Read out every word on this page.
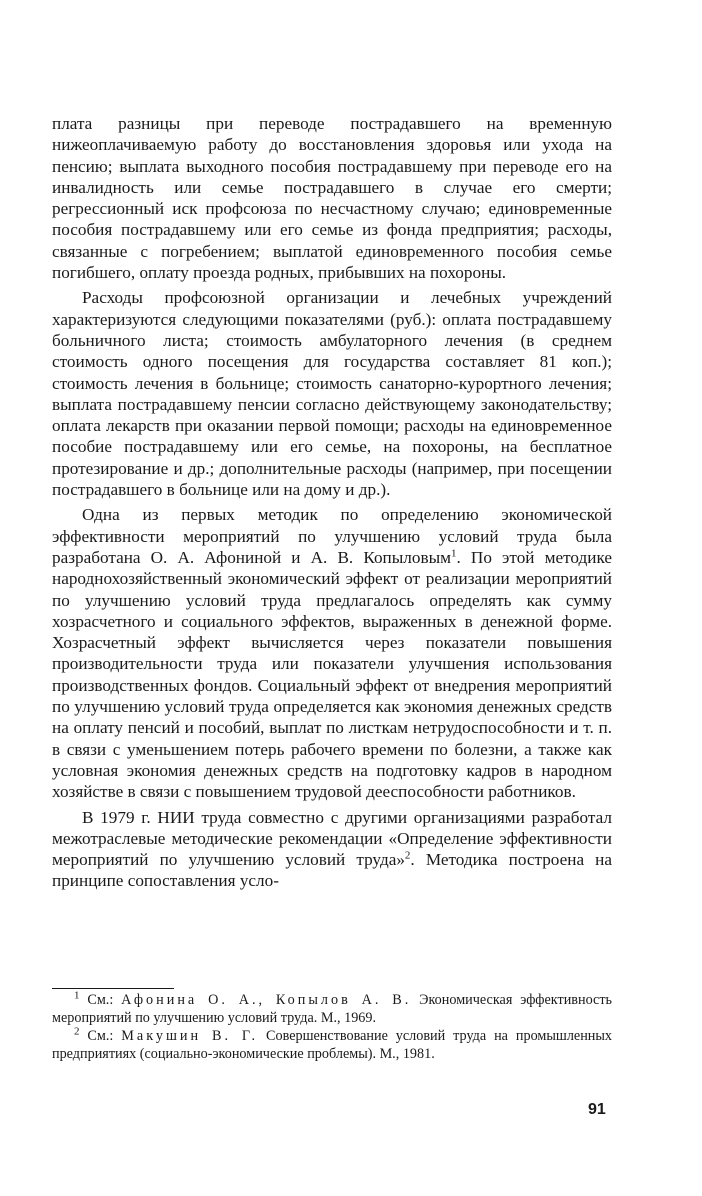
плата разницы при переводе пострадавшего на временную нижеоплачиваемую работу до восстановления здоровья или ухода на пенсию; выплата выходного пособия пострадавшему при переводе его на инвалидность или семье пострадавшего в случае его смерти; регрессионный иск профсоюза по несчастному случаю; единовременные пособия пострадавшему или его семье из фонда предприятия; расходы, связанные с погребением; выплатой единовременного пособия семье погибшего, оплату проезда родных, прибывших на похороны.

Расходы профсоюзной организации и лечебных учреждений характеризуются следующими показателями (руб.): оплата пострадавшему больничного листа; стоимость амбулаторного лечения (в среднем стоимость одного посещения для государства составляет 81 коп.); стоимость лечения в больнице; стоимость санаторно-курортного лечения; выплата пострадавшему пенсии согласно действующему законодательству; оплата лекарств при оказании первой помощи; расходы на единовременное пособие пострадавшему или его семье, на похороны, на бесплатное протезирование и др.; дополнительные расходы (например, при посещении пострадавшего в больнице или на дому и др.).

Одна из первых методик по определению экономической эффективности мероприятий по улучшению условий труда была разработана О. А. Афониной и А. В. Копыловым$^1$. По этой методике народнохозяйственный экономический эффект от реализации мероприятий по улучшению условий труда предлагалось определять как сумму хозрасчетного и социального эффектов, выраженных в денежной форме. Хозрасчетный эффект вычисляется через показатели повышения производительности труда или показатели улучшения использования производственных фондов. Социальный эффект от внедрения мероприятий по улучшению условий труда определяется как экономия денежных средств на оплату пенсий и пособий, выплат по листкам нетрудоспособности и т. п. в связи с уменьшением потерь рабочего времени по болезни, а также как условная экономия денежных средств на подготовку кадров в народном хозяйстве в связи с повышением трудовой дееспособности работников.

В 1979 г. НИИ труда совместно с другими организациями разработал межотраслевые методические рекомендации «Определение эффективности мероприятий по улучшению условий труда»$^2$. Методика построена на принципе сопоставления усло-

$^1$ См.: Афонина О. А., Копылов А. В. Экономическая эффективность мероприятий по улучшению условий труда. М., 1969.

$^2$ См.: Макушин В. Г. Совершенствование условий труда на промышленных предприятиях (социально-экономические проблемы). М., 1981.

91
